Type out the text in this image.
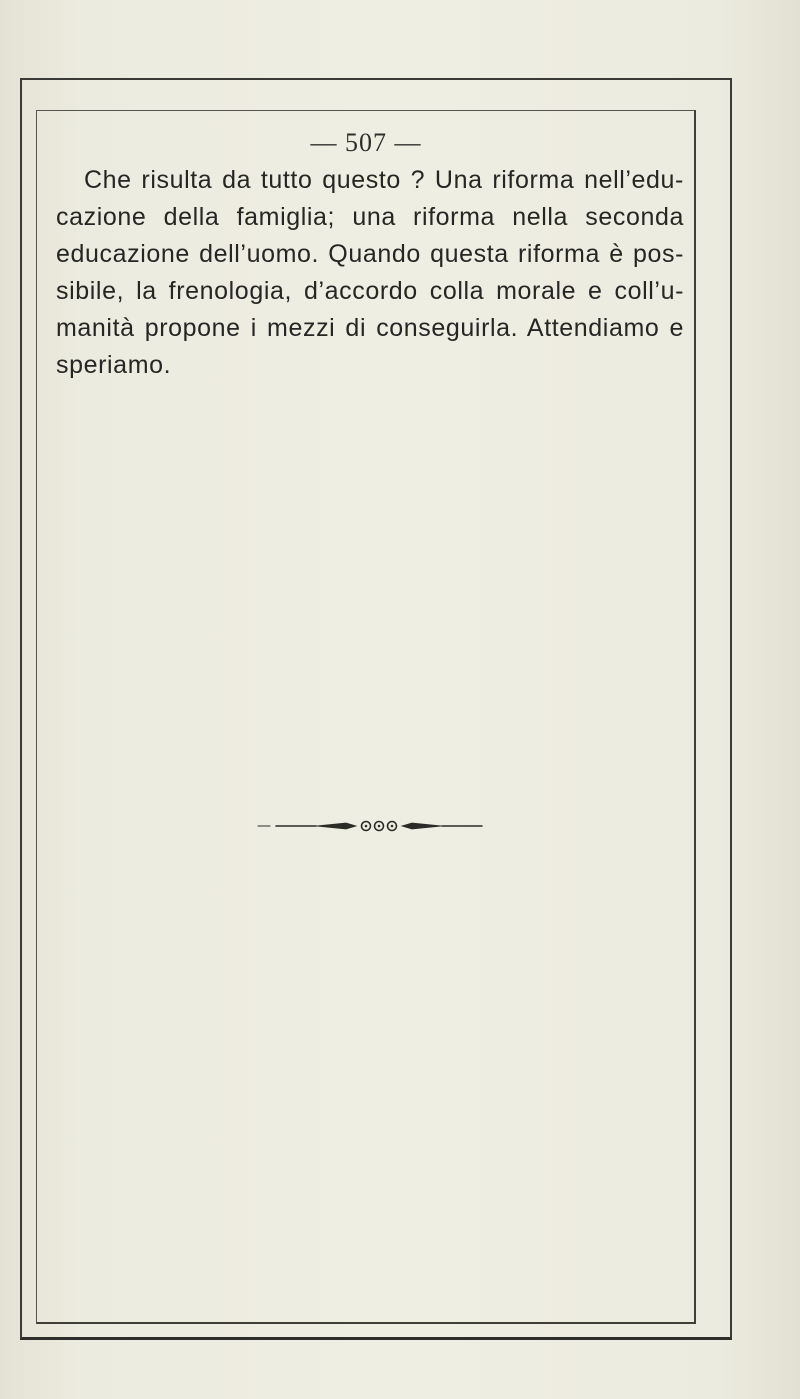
— 507 —
Che risulta da tutto questo ? Una riforma nell’edu-
cazione della famiglia; una riforma nella seconda
educazione dell’uomo. Quando questa riforma è pos-
sibile, la frenologia, d’accordo colla morale e coll’u-
manità propone i mezzi di conseguirla. Attendiamo e
speriamo.
